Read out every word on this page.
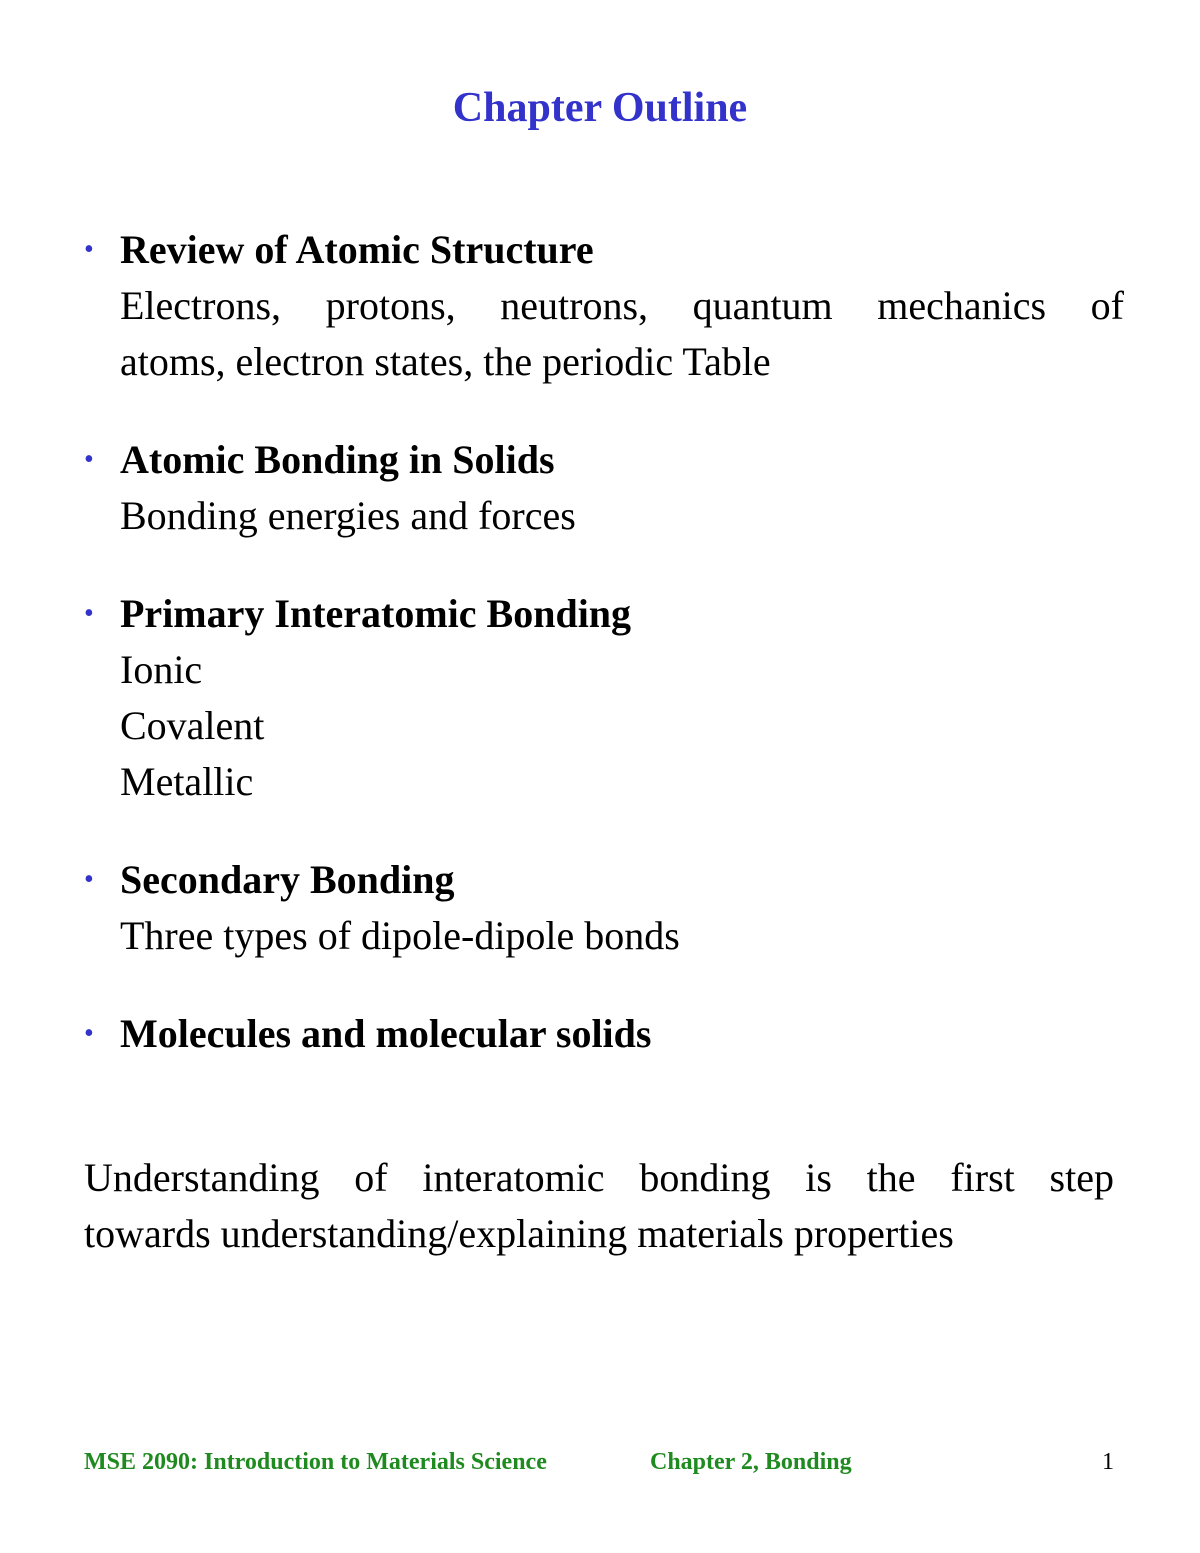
Chapter Outline
• Review of Atomic Structure
Electrons, protons, neutrons, quantum mechanics of
atoms, electron states, the periodic Table
• Atomic Bonding in Solids
Bonding energies and forces
• Primary Interatomic Bonding
Ionic
Covalent
Metallic
• Secondary Bonding
Three types of dipole-dipole bonds
• Molecules and molecular solids

Understanding of interatomic bonding is the first step
towards understanding/explaining materials properties

MSE 2090: Introduction to Materials Science	Chapter 2, Bonding	1
